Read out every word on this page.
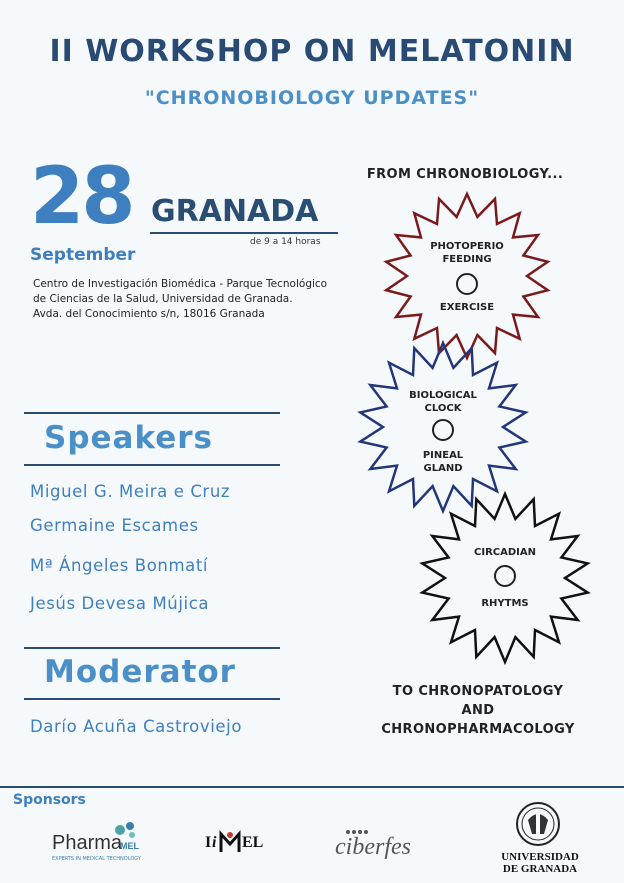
II WORKSHOP ON MELATONIN
"CHRONOBIOLOGY UPDATES"
28 GRANADA
de 9 a 14 horas
September
Centro de Investigación Biomédica - Parque Tecnológico
de Ciencias de la Salud, Universidad de Granada.
Avda. del Conocimiento s/n, 18016 Granada
Speakers
Miguel G. Meira e Cruz
Germaine Escames
Mª Ángeles Bonmatí
Jesús Devesa Mújica
Moderator
Darío Acuña Castroviejo
FROM CHRONOBIOLOGY...
PHOTOPERIO
FEEDING
EXERCISE
BIOLOGICAL
CLOCK
PINEAL
GLAND
CIRCADIAN
RHYTMS
TO CHRONOPATOLOGY
AND
CHRONOPHARMACOLOGY
Sponsors
Pharma
MEL
EXPERTS IN MEDICAL TECHNOLOGY
I i EL	ciberfes	UNIVERSIDAD
DE GRANADA
